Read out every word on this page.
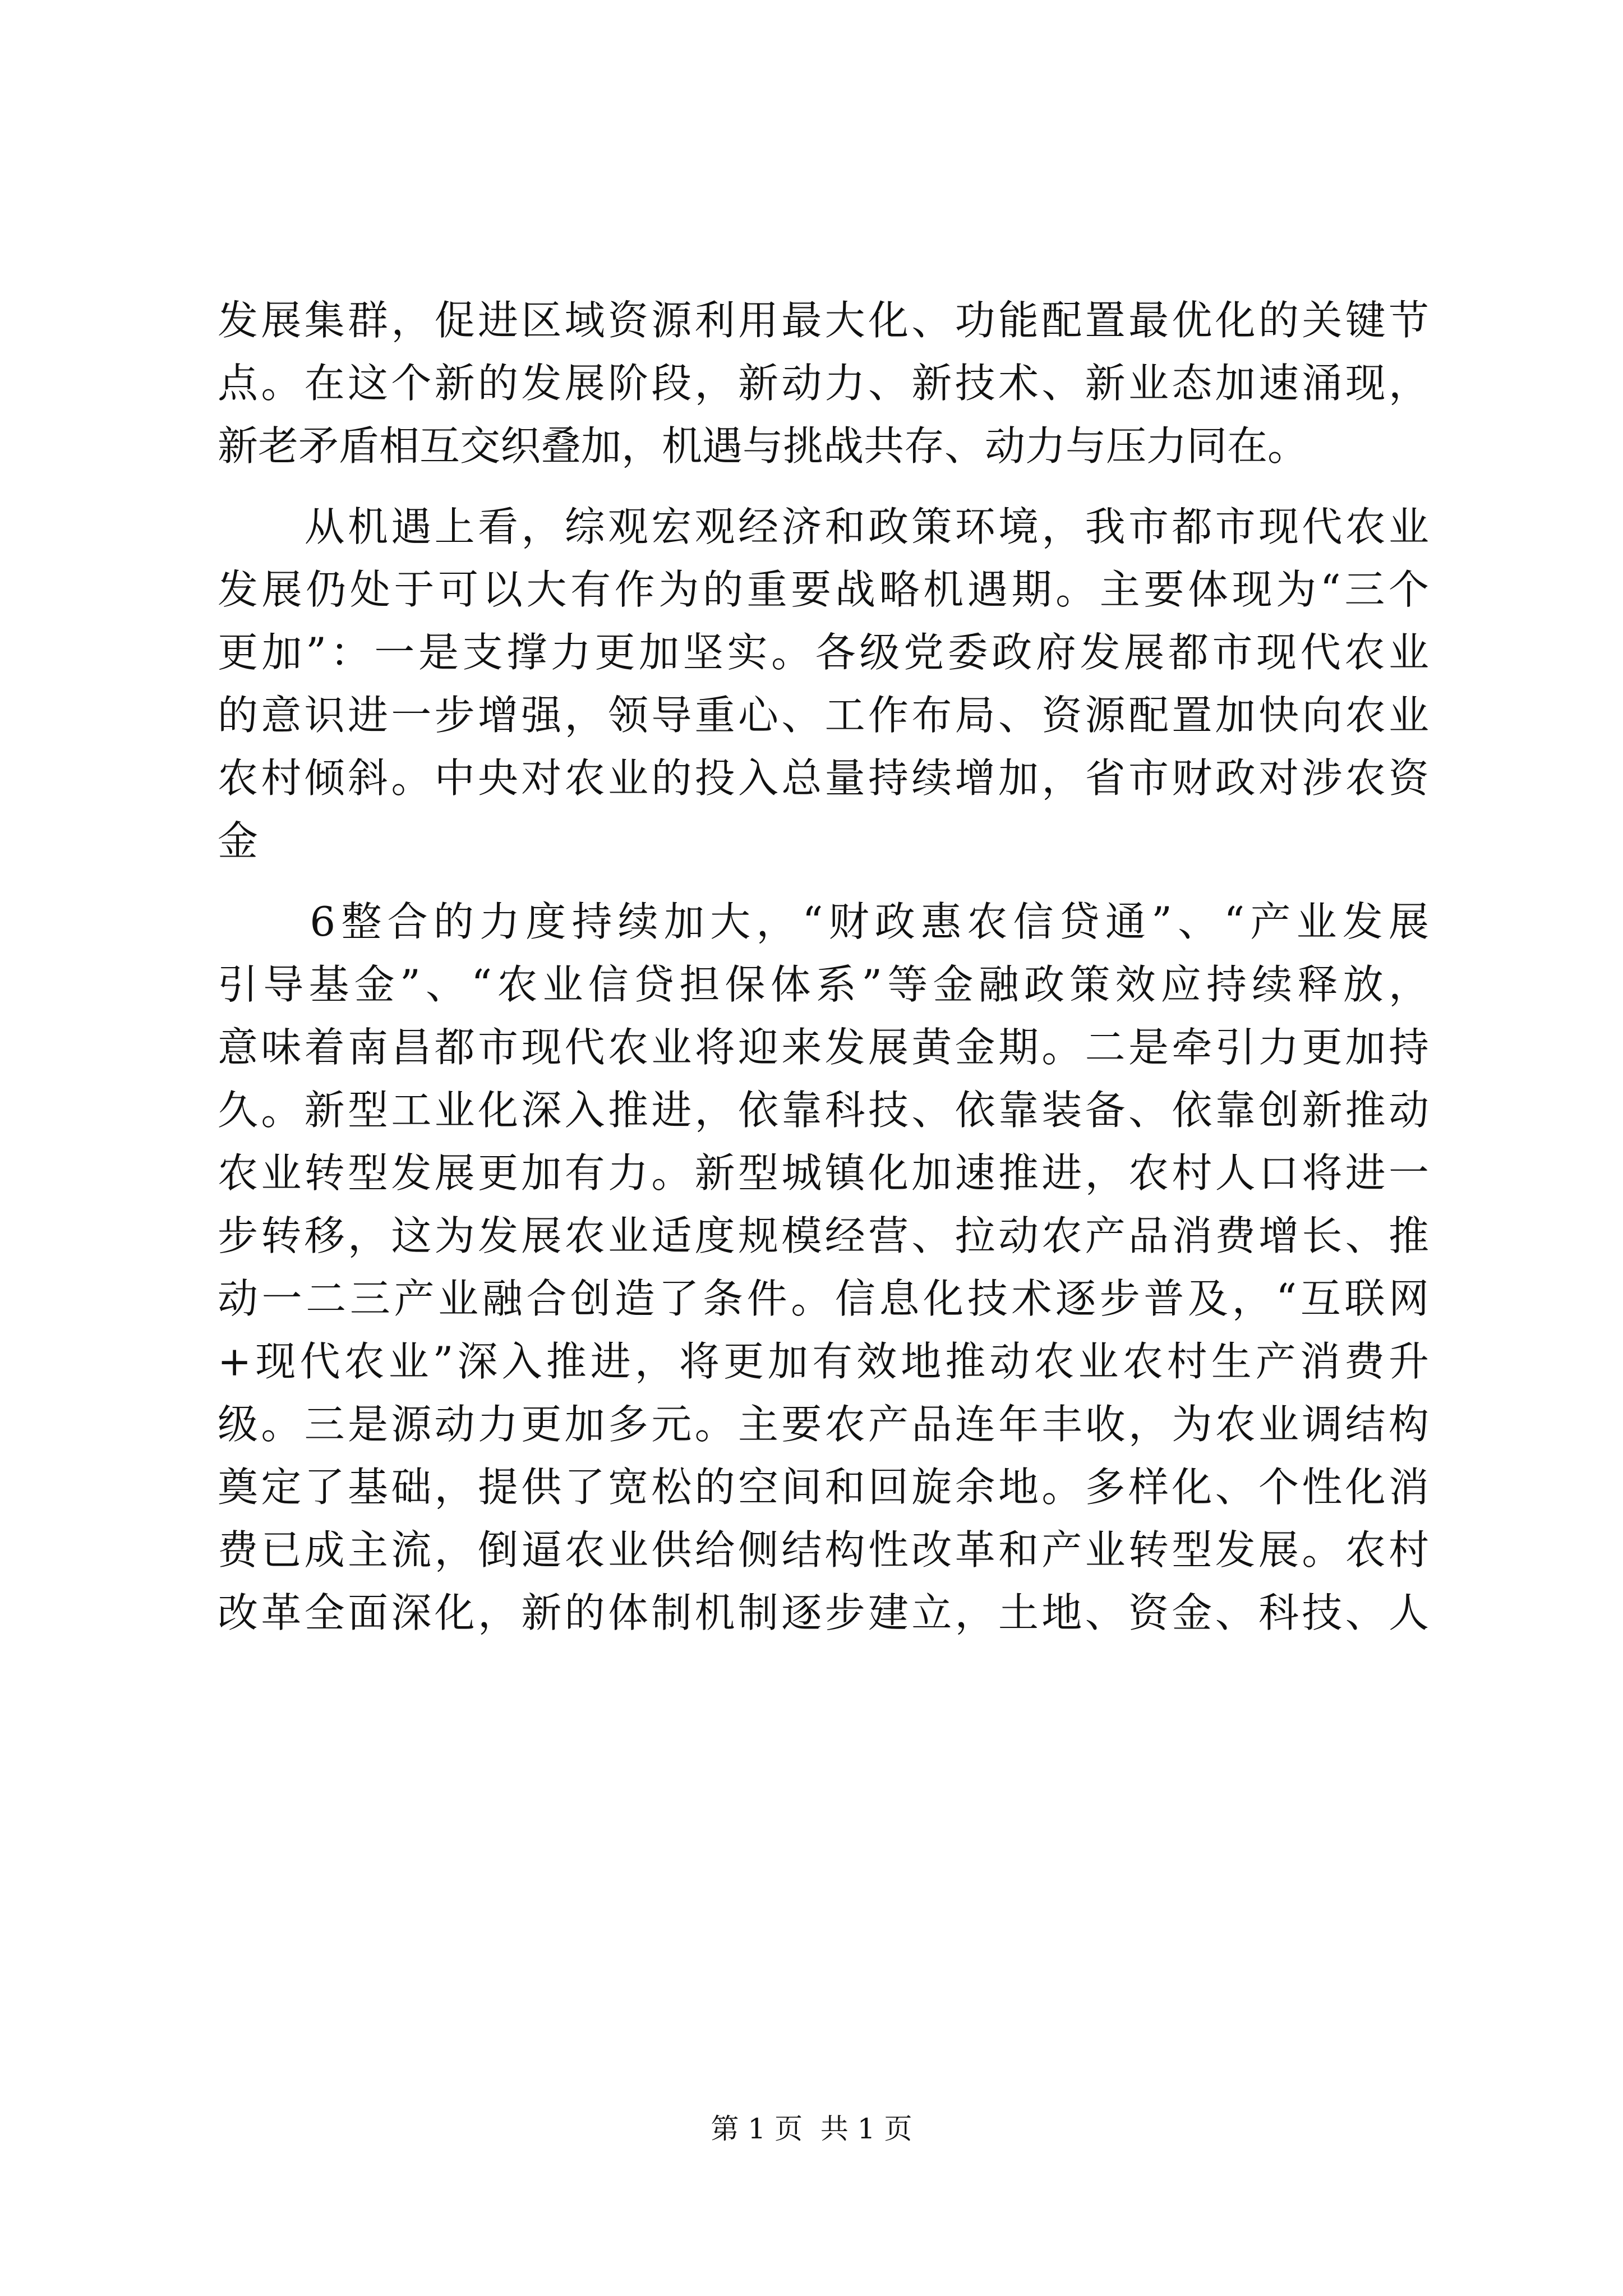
发展集群，促进区域资源利用最大化、功能配置最优化的关键节
点。在这个新的发展阶段，新动力、新技术、新业态加速涌现，
新老矛盾相互交织叠加，机遇与挑战共存、动力与压力同在。
　　从机遇上看，综观宏观经济和政策环境，我市都市现代农业
发展仍处于可以大有作为的重要战略机遇期。主要体现为“三个
更加”：一是支撑力更加坚实。各级党委政府发展都市现代农业
的意识进一步增强，领导重心、工作布局、资源配置加快向农业
农村倾斜。中央对农业的投入总量持续增加，省市财政对涉农资
金
　　6整合的力度持续加大，“财政惠农信贷通”、“产业发展
引导基金”、“农业信贷担保体系”等金融政策效应持续释放，
意味着南昌都市现代农业将迎来发展黄金期。二是牵引力更加持
久。新型工业化深入推进，依靠科技、依靠装备、依靠创新推动
农业转型发展更加有力。新型城镇化加速推进，农村人口将进一
步转移，这为发展农业适度规模经营、拉动农产品消费增长、推
动一二三产业融合创造了条件。信息化技术逐步普及，“互联网
+现代农业”深入推进，将更加有效地推动农业农村生产消费升
级。三是源动力更加多元。主要农产品连年丰收，为农业调结构
奠定了基础，提供了宽松的空间和回旋余地。多样化、个性化消
费已成主流，倒逼农业供给侧结构性改革和产业转型发展。农村
改革全面深化，新的体制机制逐步建立，土地、资金、科技、人
第 1 页  共 1 页
